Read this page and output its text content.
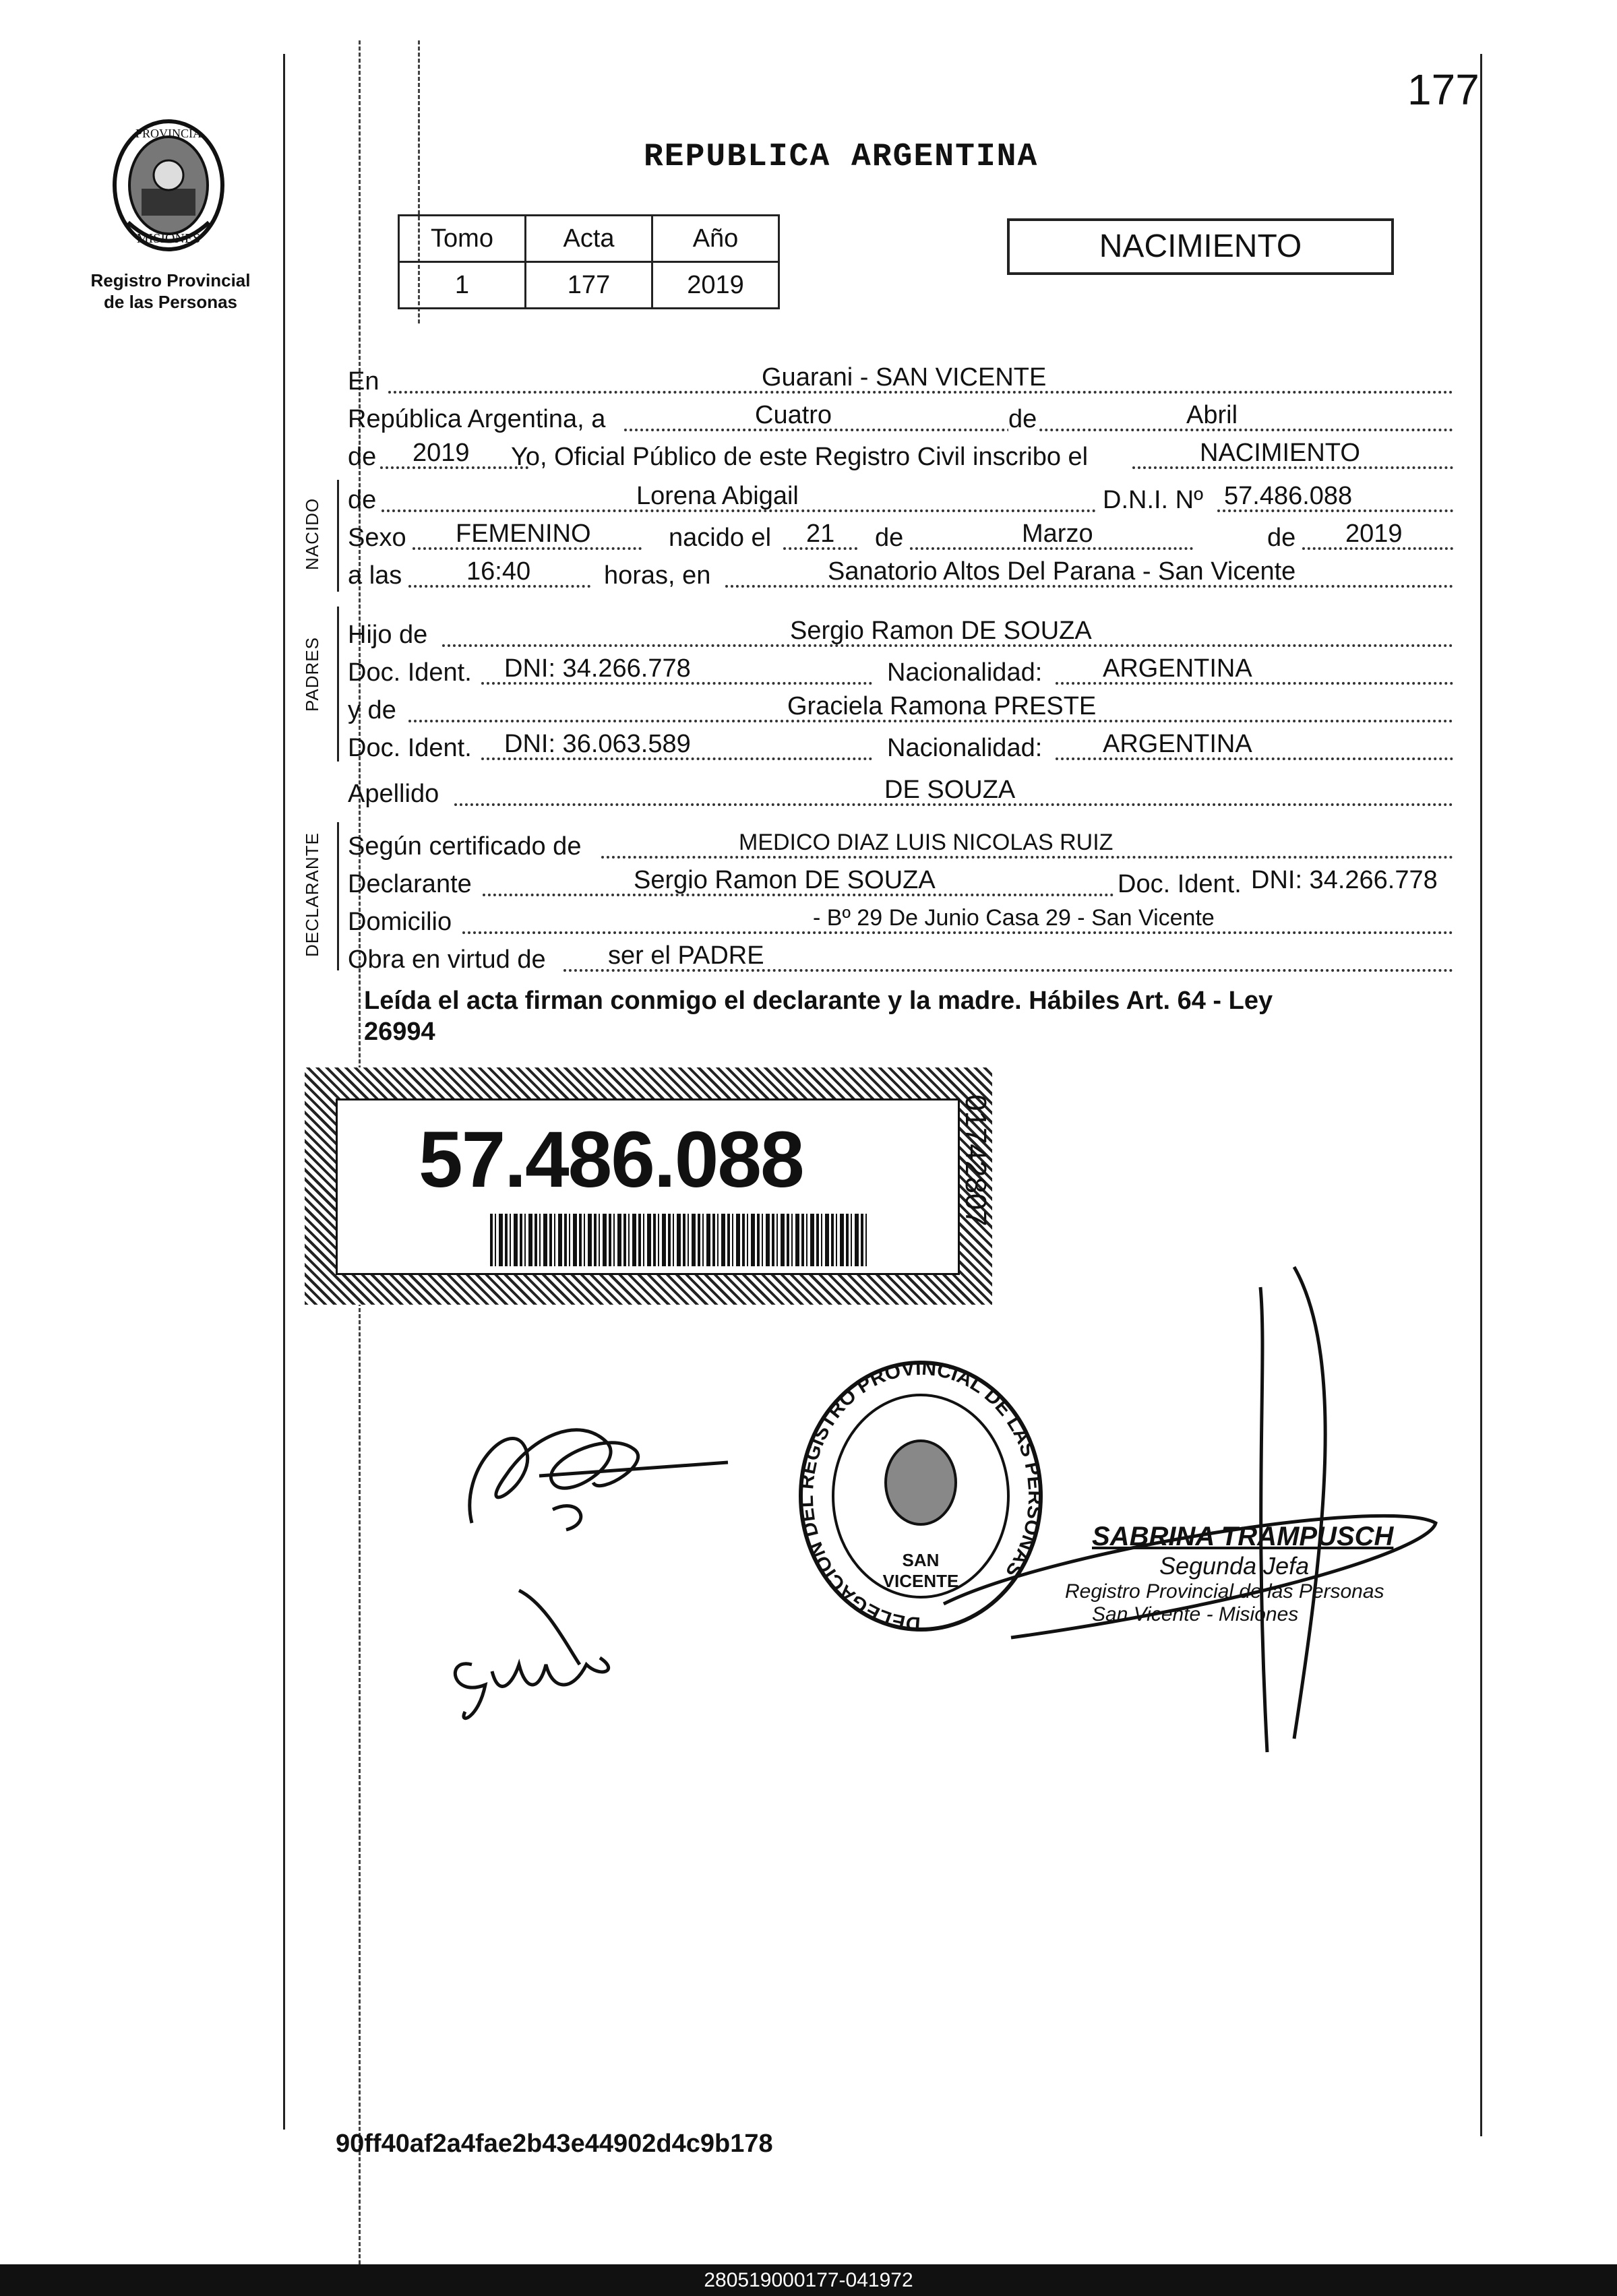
177
PROVINCIA
MISIONES
Registro Provincial
de las Personas
REPUBLICA ARGENTINA
Tomo	Acta	Año
1	177	2019
NACIMIENTO
En	Guarani - SAN VICENTE
República Argentina, a	Cuatro	de	Abril
de 2019 Yo, Oficial Público de este Registro Civil inscribo el	NACIMIENTO
NACIDO de	Lorena Abigail	D.N.I. Nº 57.486.088
Sexo FEMENINO	nacido el 21 de	Marzo	de 2019
a las	16:40	horas, en	Sanatorio Altos Del Parana - San Vicente
PADRES
Hijo de	Sergio Ramon DE SOUZA
Doc. Ident. DNI: 34.266.778	Nacionalidad: ARGENTINA
y de	Graciela Ramona PRESTE
Doc. Ident. DNI: 36.063.589	Nacionalidad: ARGENTINA
Apellido	DE SOUZA
DECLARANTE Según certificado de	MEDICO DIAZ LUIS NICOLAS RUIZ
Declarante	Sergio Ramon DE SOUZA	Doc. Ident. DNI: 34.266.778
Domicilio	- Bº 29 De Junio Casa 29 - San Vicente
Obra en virtud de ser el PADRE
Leída el acta firman conmigo el declarante y la madre. Hábiles Art. 64 - Ley
26994
57.486.088	01742807
DELEGACION DEL REGISTRO PROVINCIAL DE LAS PERSONAS
SAN VICENTE
SABRINA TRAMPUSCH
Segunda Jefa
Registro Provincial de las Personas
San Vicente - Misiones
90ff40af2a4fae2b43e44902d4c9b178
280519000177-041972
